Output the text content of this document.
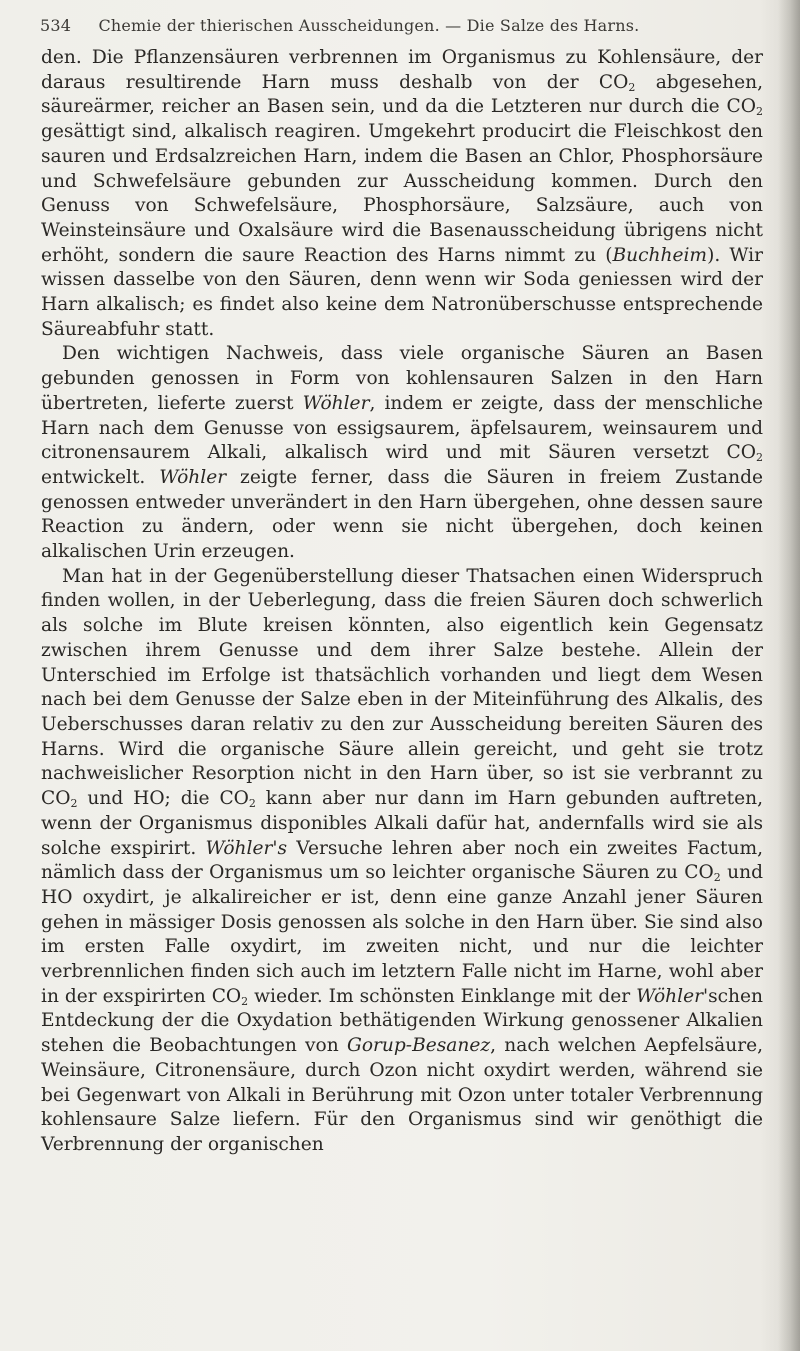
534 Chemie der thierischen Ausscheidungen. — Die Salze des Harns.

den. Die Pflanzensäuren verbrennen im Organismus zu Kohlensäure, der daraus resultirende Harn muss deshalb von der $CO_2$ abgesehen, säureärmer, reicher an Basen sein, und da die Letzteren nur durch die $CO_2$ gesättigt sind, alkalisch reagiren. Umgekehrt producirt die Fleischkost den sauren und Erdsalzreichen Harn, indem die Basen an Chlor, Phosphorsäure und Schwefelsäure gebunden zur Ausscheidung kommen. Durch den Genuss von Schwefelsäure, Phosphorsäure, Salzsäure, auch von Weinsteinsäure und Oxalsäure wird die Basenausscheidung übrigens nicht erhöht, sondern die saure Reaction des Harns nimmt zu (Buchheim). Wir wissen dasselbe von den Säuren, denn wenn wir Soda geniessen wird der Harn alkalisch; es findet also keine dem Natronüberschusse entsprechende Säureabfuhr statt.

Den wichtigen Nachweis, dass viele organische Säuren an Basen gebunden genossen in Form von kohlensauren Salzen in den Harn übertreten, lieferte zuerst Wöhler, indem er zeigte, dass der menschliche Harn nach dem Genusse von essigsaurem, äpfelsaurem, weinsaurem und citronensaurem Alkali, alkalisch wird und mit Säuren versetzt $CO_2$ entwickelt. Wöhler zeigte ferner, dass die Säuren in freiem Zustande genossen entweder unverändert in den Harn übergehen, ohne dessen saure Reaction zu ändern, oder wenn sie nicht übergehen, doch keinen alkalischen Urin erzeugen.

Man hat in der Gegenüberstellung dieser Thatsachen einen Widerspruch finden wollen, in der Ueberlegung, dass die freien Säuren doch schwerlich als solche im Blute kreisen könnten, also eigentlich kein Gegensatz zwischen ihrem Genusse und dem ihrer Salze bestehe. Allein der Unterschied im Erfolge ist thatsächlich vorhanden und liegt dem Wesen nach bei dem Genusse der Salze eben in der Miteinführung des Alkalis, des Ueberschusses daran relativ zu den zur Ausscheidung bereiten Säuren des Harns. Wird die organische Säure allein gereicht, und geht sie trotz nachweislicher Resorption nicht in den Harn über, so ist sie verbrannt zu $CO_2$ und HO; die $CO_2$ kann aber nur dann im Harn gebunden auftreten, wenn der Organismus disponibles Alkali dafür hat, andernfalls wird sie als solche exspirirt. Wöhler's Versuche lehren aber noch ein zweites Factum, nämlich dass der Organismus um so leichter organische Säuren zu $CO_2$ und HO oxydirt, je alkalireicher er ist, denn eine ganze Anzahl jener Säuren gehen in mässiger Dosis genossen als solche in den Harn über. Sie sind also im ersten Falle oxydirt, im zweiten nicht, und nur die leichter verbrennlichen finden sich auch im letztern Falle nicht im Harne, wohl aber in der exspirirten $CO_2$ wieder. Im schönsten Einklange mit der Wöhler'schen Entdeckung der die Oxydation bethätigenden Wirkung genossener Alkalien stehen die Beobachtungen von Gorup-Besanez, nach welchen Aepfelsäure, Weinsäure, Citronensäure, durch Ozon nicht oxydirt werden, während sie bei Gegenwart von Alkali in Berührung mit Ozon unter totaler Verbrennung kohlensaure Salze liefern. Für den Organismus sind wir genöthigt die Verbrennung der organischen
